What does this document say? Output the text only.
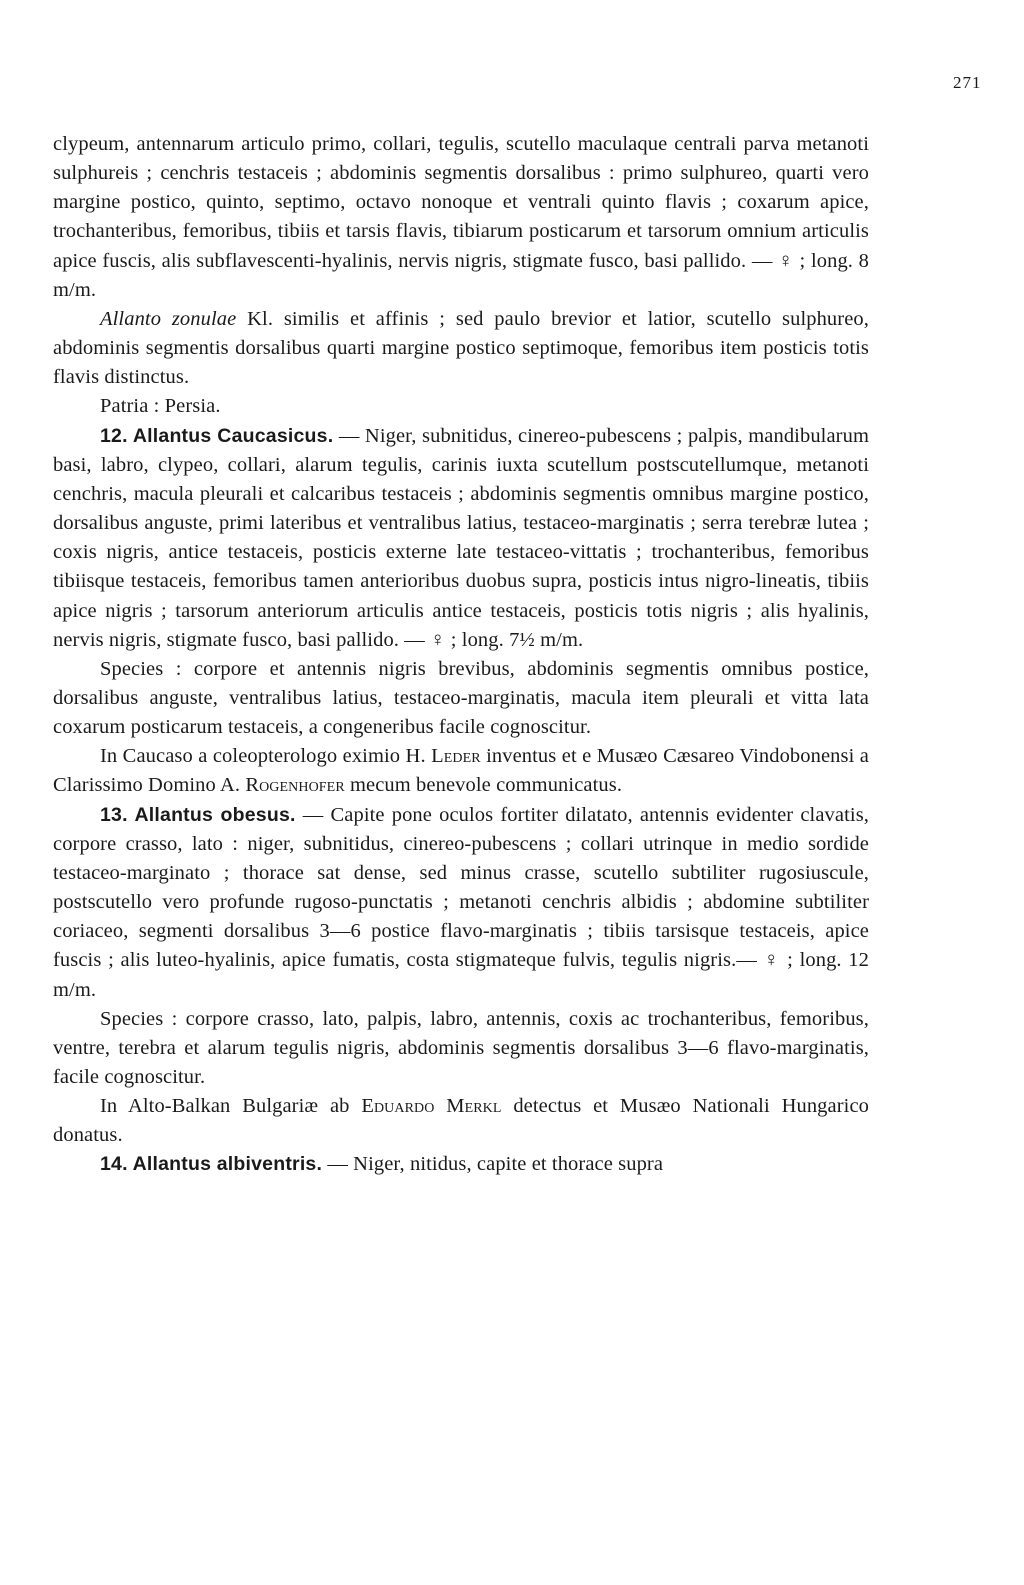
271

clypeum, antennarum articulo primo, collari, tegulis, scutello maculaque centrali parva metanoti sulphureis ; cenchris testaceis ; abdominis segmentis dorsalibus : primo sulphureo, quarti vero margine postico, quinto, septimo, octavo nonoque et ventrali quinto flavis ; coxarum apice, trochanteribus, femoribus, tibiis et tarsis flavis, tibiarum posticarum et tarsorum omnium articulis apice fuscis, alis subflavescenti-hyalinis, nervis nigris, stigmate fusco, basi pallido. — ♀ ; long. 8 m/m.

Allanto zonulae Kl. similis et affinis ; sed paulo brevior et latior, scutello sulphureo, abdominis segmentis dorsalibus quarti margine postico septimoque, femoribus item posticis totis flavis distinctus.

Patria : Persia.

12. Allantus Caucasicus. — Niger, subnitidus, cinereo-pubescens ; palpis, mandibularum basi, labro, clypeo, collari, alarum tegulis, carinis iuxta scutellum postscutellumque, metanoti cenchris, macula pleurali et calcaribus testaceis ; abdominis segmentis omnibus margine postico, dorsalibus anguste, primi lateribus et ventralibus latius, testaceo-marginatis ; serra terebræ lutea ; coxis nigris, antice testaceis, posticis externe late testaceo-vittatis ; trochanteribus, femoribus tibiisque testaceis, femoribus tamen anterioribus duobus supra, posticis intus nigro-lineatis, tibiis apice nigris ; tarsorum anteriorum articulis antice testaceis, posticis totis nigris ; alis hyalinis, nervis nigris, stigmate fusco, basi pallido. — ♀ ; long. 7½ m/m.

Species : corpore et antennis nigris brevibus, abdominis segmentis omnibus postice, dorsalibus anguste, ventralibus latius, testaceo-marginatis, macula item pleurali et vitta lata coxarum posticarum testaceis, a congeneribus facile cognoscitur.

In Caucaso a coleopterologo eximio H. Leder inventus et e Musæo Cæsareo Vindobonensi a Clarissimo Domino A. Rogenhofer mecum benevole communicatus.

13. Allantus obesus. — Capite pone oculos fortiter dilatato, antennis evidenter clavatis, corpore crasso, lato : niger, subnitidus, cinereo-pubescens ; collari utrinque in medio sordide testaceo-marginato ; thorace sat dense, sed minus crasse, scutello subtiliter rugosiuscule, postscutello vero profunde rugoso-punctatis ; metanoti cenchris albidis ; abdomine subtiliter coriaceo, segmenti dorsalibus 3—6 postice flavo-marginatis ; tibiis tarsisque testaceis, apice fuscis ; alis luteo-hyalinis, apice fumatis, costa stigmateque fulvis, tegulis nigris.— ♀ ; long. 12 m/m.

Species : corpore crasso, lato, palpis, labro, antennis, coxis ac trochanteribus, femoribus, ventre, terebra et alarum tegulis nigris, abdominis segmentis dorsalibus 3—6 flavo-marginatis, facile cognoscitur.

In Alto-Balkan Bulgariæ ab Eduardo Merkl detectus et Musæo Nationali Hungarico donatus.

14. Allantus albiventris. — Niger, nitidus, capite et thorace supra
